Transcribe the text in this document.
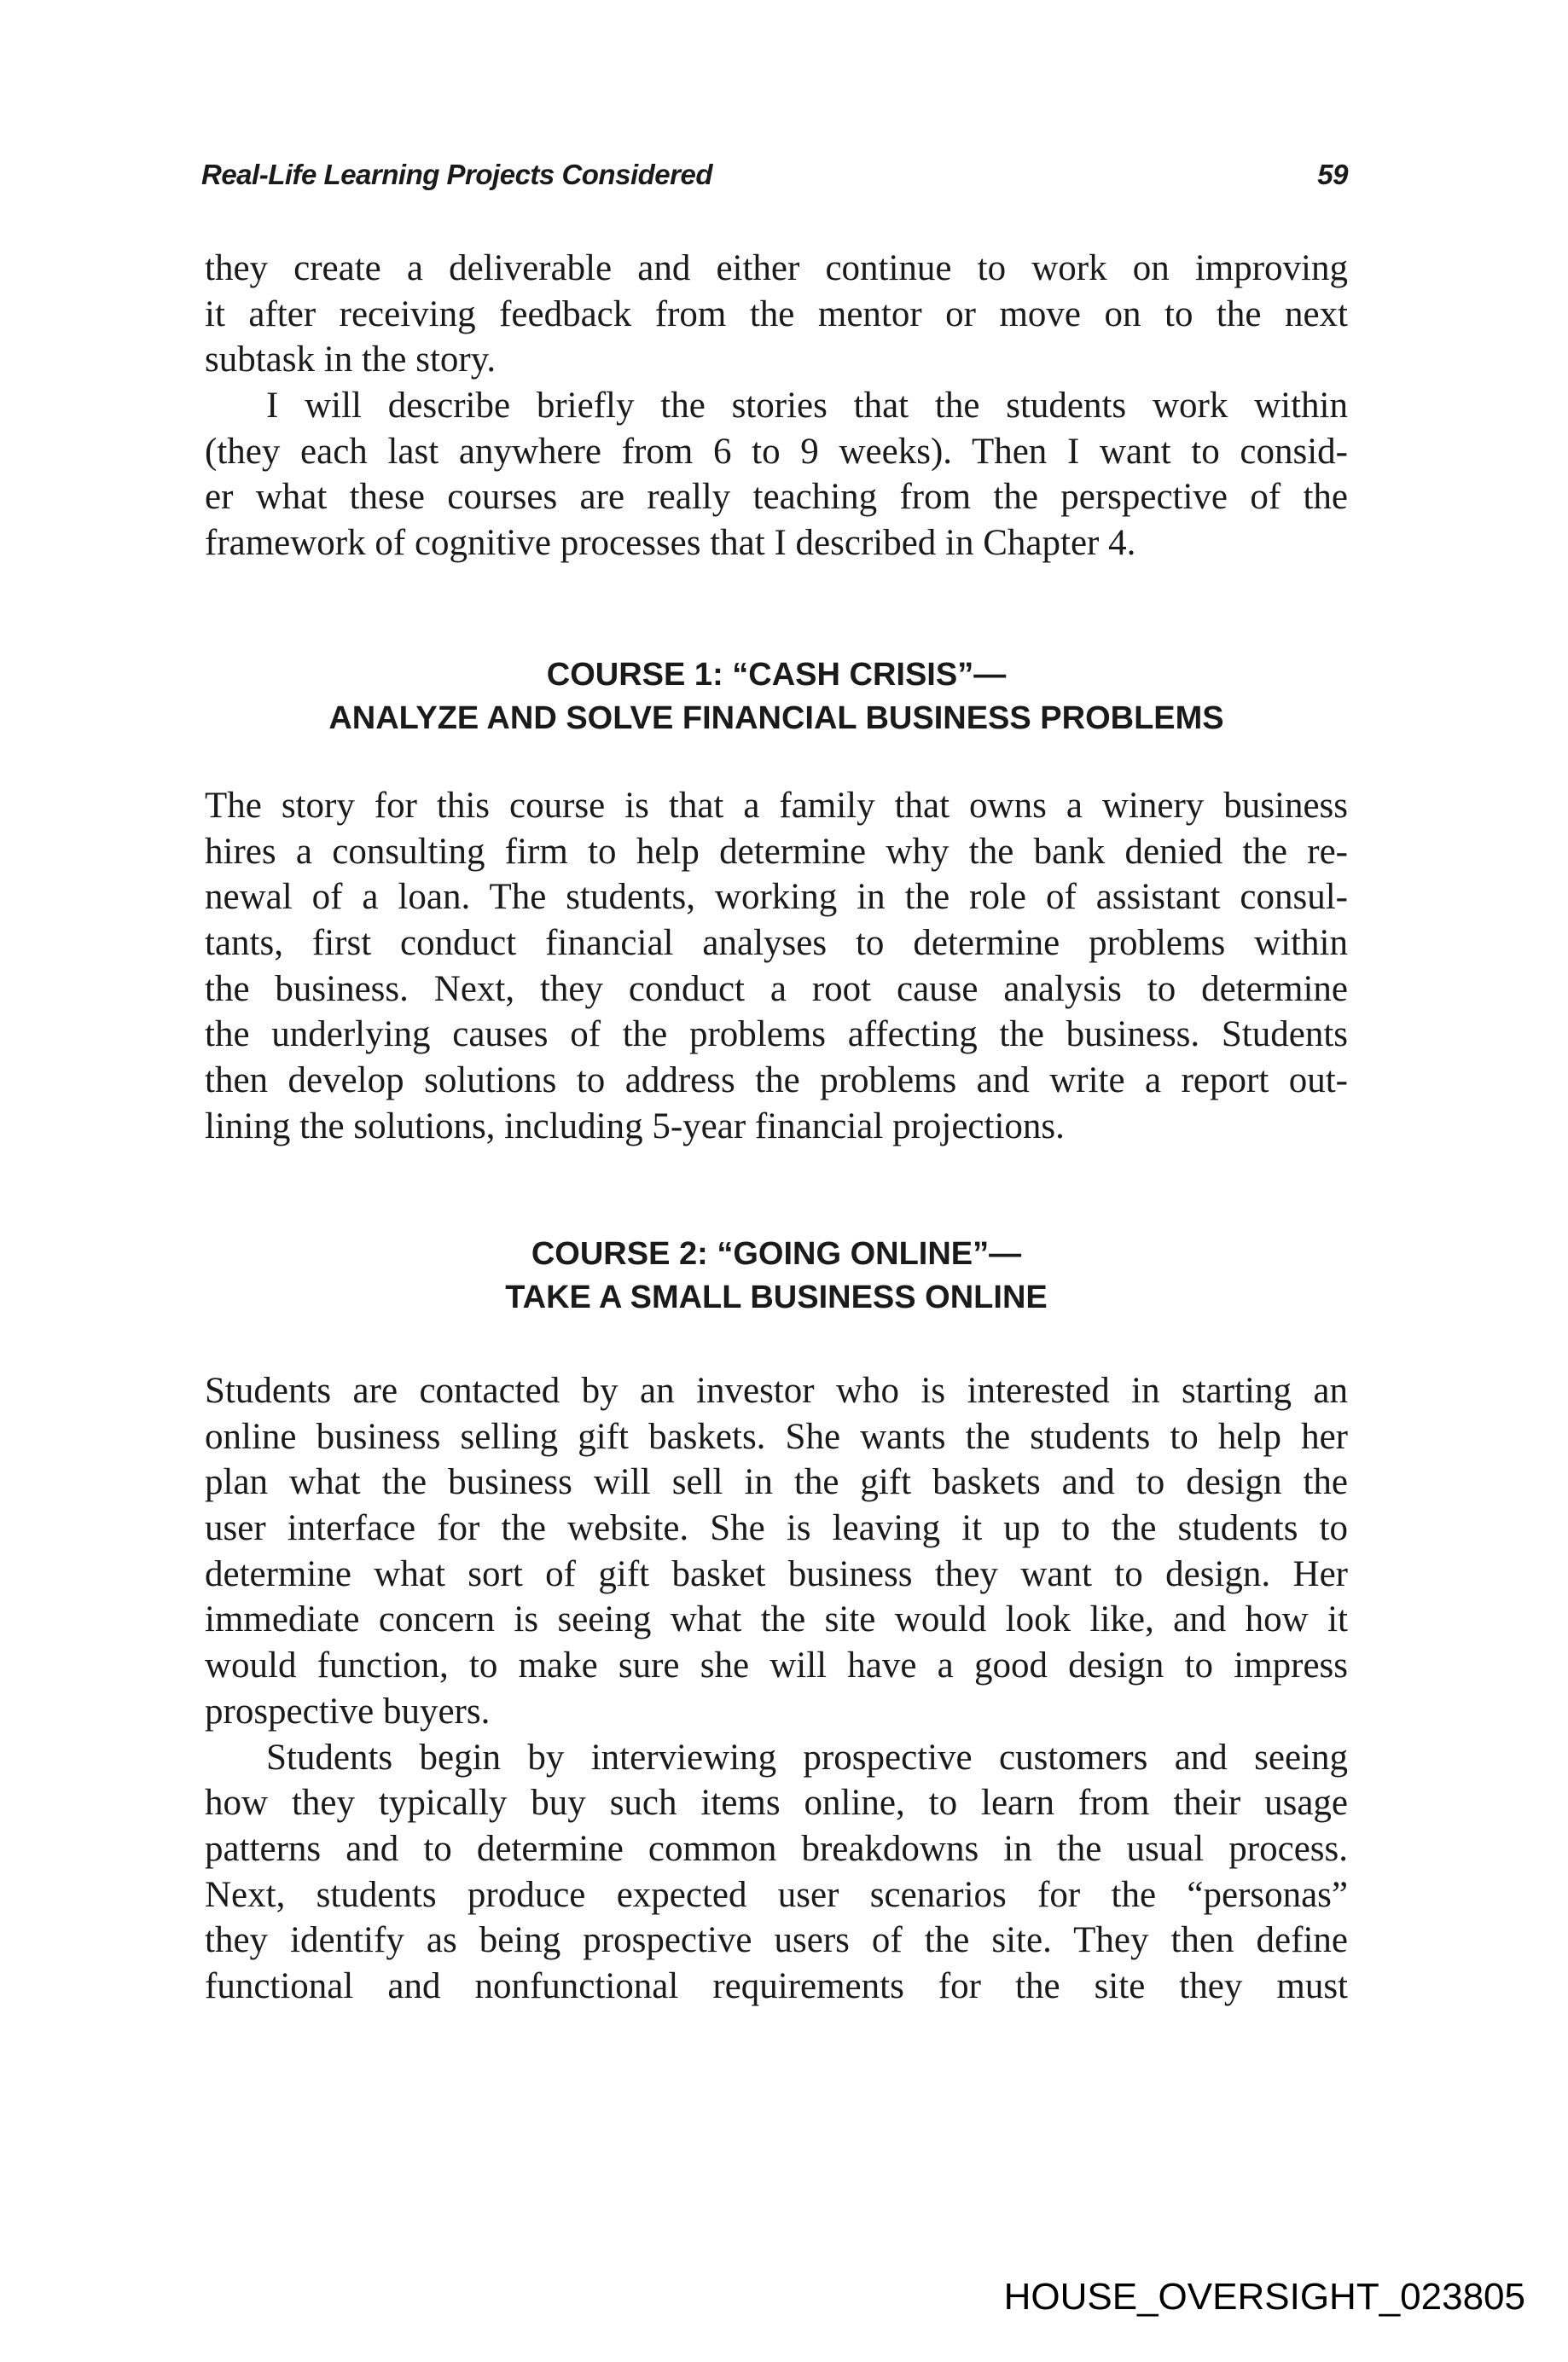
Real-Life Learning Projects Considered	59
they create a deliverable and either continue to work on improving
it after receiving feedback from the mentor or move on to the next
subtask in the story.
I will describe briefly the stories that the students work within
(they each last anywhere from 6 to 9 weeks). Then I want to consid-
er what these courses are really teaching from the perspective of the
framework of cognitive processes that I described in Chapter 4.
COURSE 1: “CASH CRISIS”—
ANALYZE AND SOLVE FINANCIAL BUSINESS PROBLEMS
The story for this course is that a family that owns a winery business
hires a consulting firm to help determine why the bank denied the re-
newal of a loan. The students, working in the role of assistant consul-
tants, first conduct financial analyses to determine problems within
the business. Next, they conduct a root cause analysis to determine
the underlying causes of the problems affecting the business. Students
then develop solutions to address the problems and write a report out-
lining the solutions, including 5-year financial projections.
COURSE 2: “GOING ONLINE”—
TAKE A SMALL BUSINESS ONLINE
Students are contacted by an investor who is interested in starting an
online business selling gift baskets. She wants the students to help her
plan what the business will sell in the gift baskets and to design the
user interface for the website. She is leaving it up to the students to
determine what sort of gift basket business they want to design. Her
immediate concern is seeing what the site would look like, and how it
would function, to make sure she will have a good design to impress
prospective buyers.
Students begin by interviewing prospective customers and seeing
how they typically buy such items online, to learn from their usage
patterns and to determine common breakdowns in the usual process.
Next, students produce expected user scenarios for the “personas”
they identify as being prospective users of the site. They then define
functional and nonfunctional requirements for the site they must
HOUSE_OVERSIGHT_023805
